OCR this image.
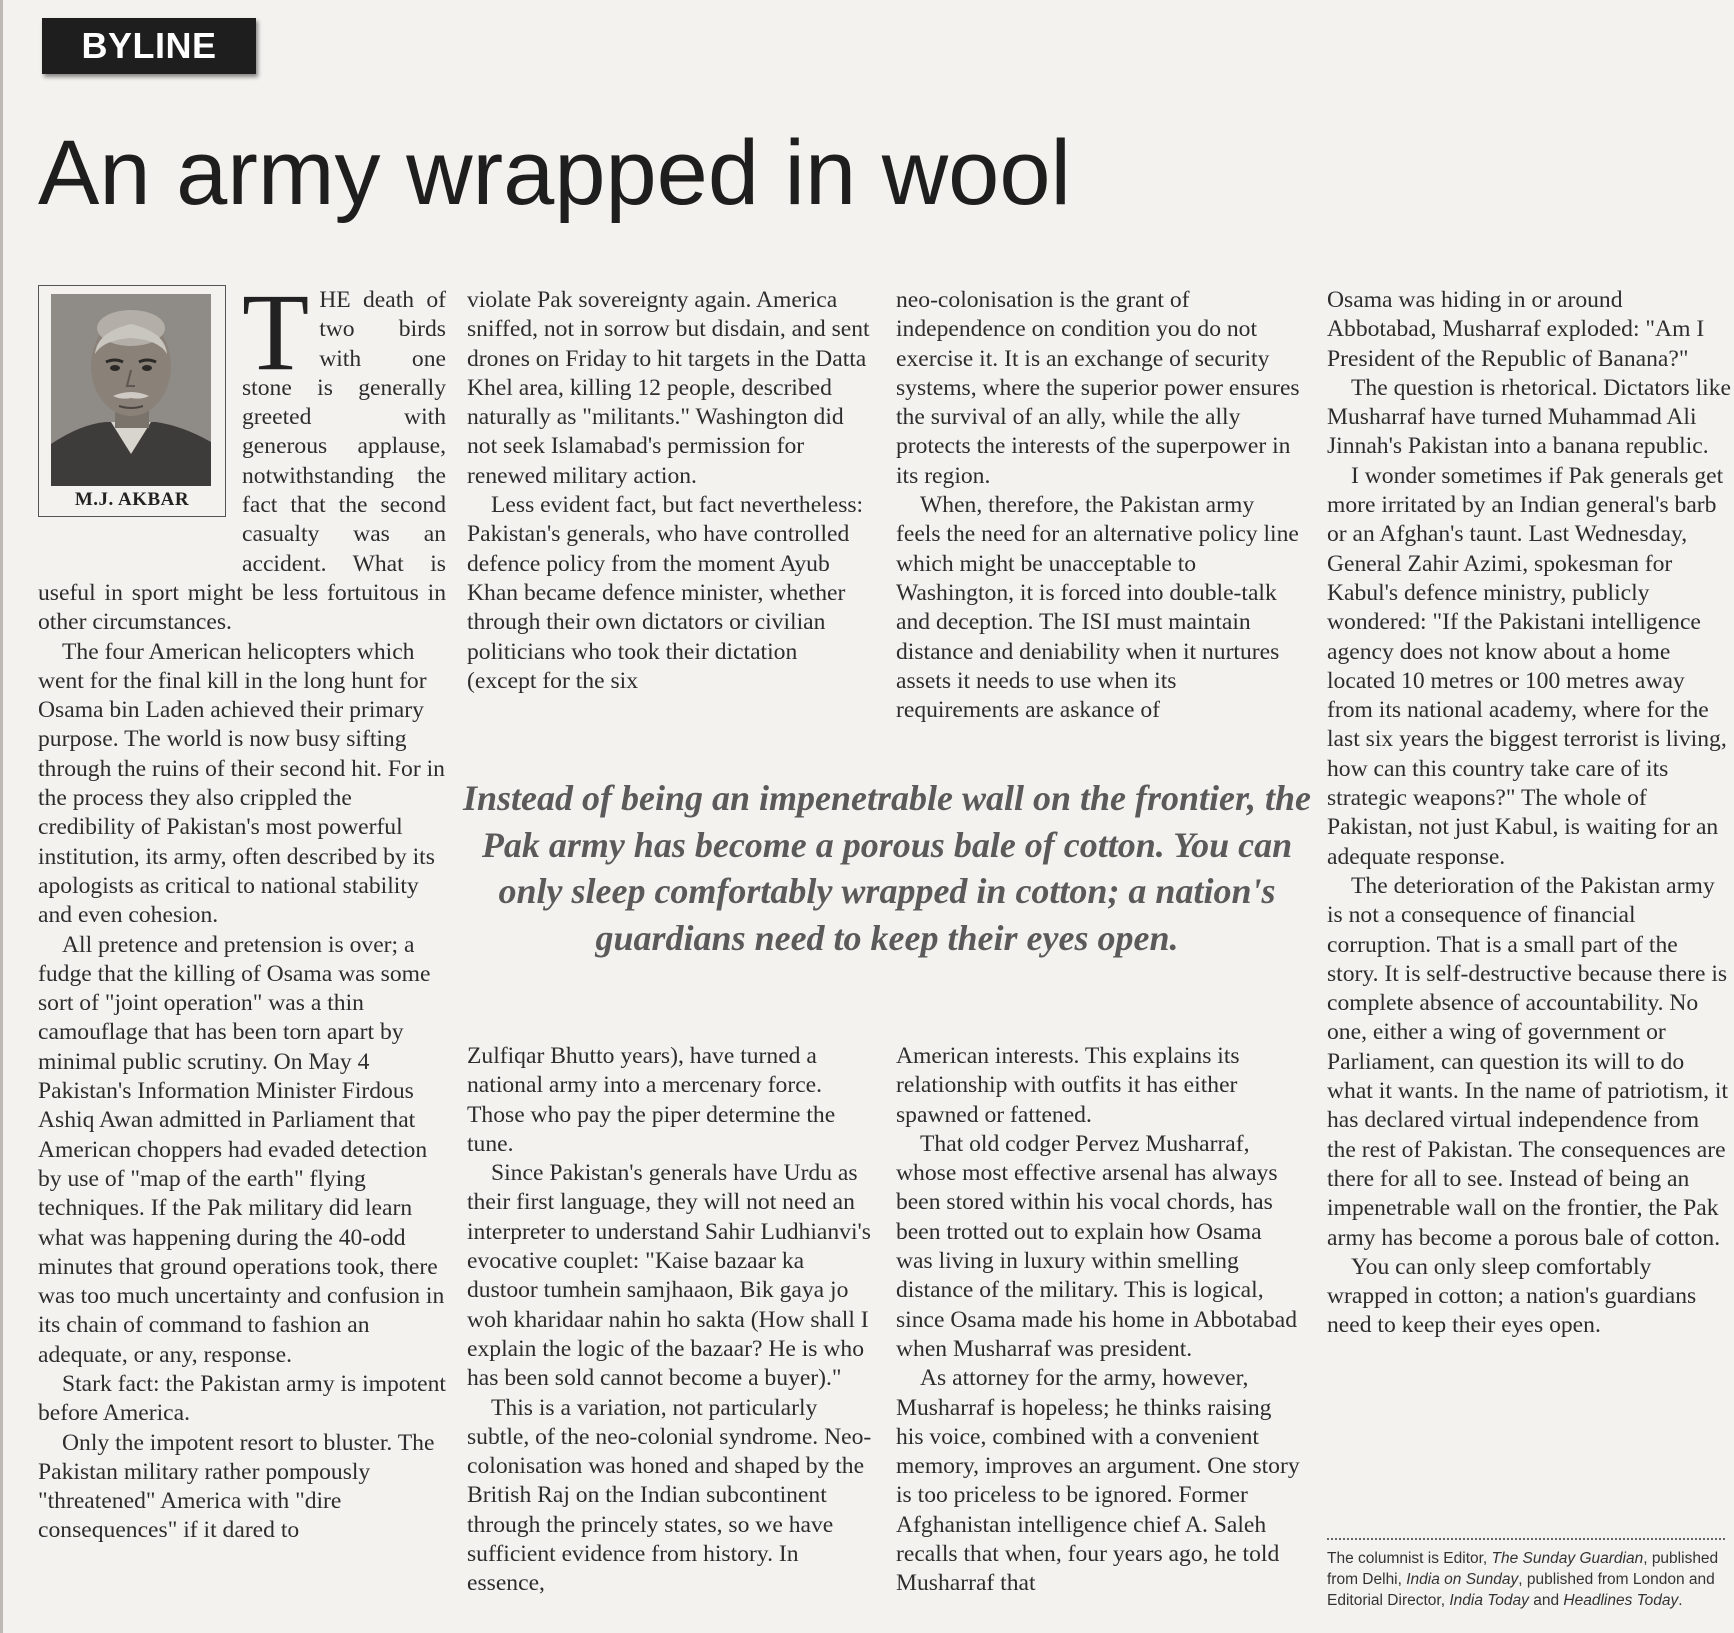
BYLINE
An army wrapped in wool
M.J. AKBAR

T HE death of two birds with one stone is generally greeted with generous applause, notwithstanding the fact that the second casualty was an accident. What is useful in sport might be less fortuitous in other circumstances.

The four American helicopters which went for the final kill in the long hunt for Osama bin Laden achieved their primary purpose. The world is now busy sifting through the ruins of their second hit. For in the process they also crippled the credibility of Pakistan's most powerful institution, its army, often described by its apologists as critical to national stability and even cohesion.

All pretence and pretension is over; a fudge that the killing of Osama was some sort of "joint operation" was a thin camouflage that has been torn apart by minimal public scrutiny. On May 4 Pakistan's Information Minister Firdous Ashiq Awan admitted in Parliament that American choppers had evaded detection by use of "map of the earth" flying techniques. If the Pak military did learn what was happening during the 40-odd minutes that ground operations took, there was too much uncertainty and confusion in its chain of command to fashion an adequate, or any, response.

Stark fact: the Pakistan army is impotent before America.

Only the impotent resort to bluster. The Pakistan military rather pompously "threatened" America with "dire consequences" if it dared to

violate Pak sovereignty again. America sniffed, not in sorrow but disdain, and sent drones on Friday to hit targets in the Datta Khel area, killing 12 people, described naturally as "militants." Washington did not seek Islamabad's permission for renewed military action.

Less evident fact, but fact nevertheless: Pakistan's generals, who have controlled defence policy from the moment Ayub Khan became defence minister, whether through their own dictators or civilian politicians who took their dictation (except for the six

neo-colonisation is the grant of independence on condition you do not exercise it. It is an exchange of security systems, where the superior power ensures the survival of an ally, while the ally protects the interests of the superpower in its region.

When, therefore, the Pakistan army feels the need for an alternative policy line which might be unacceptable to Washington, it is forced into double-talk and deception. The ISI must maintain distance and deniability when it nurtures assets it needs to use when its requirements are askance of

Instead of being an impenetrable wall on the frontier, the Pak army has become a porous bale of cotton. You can only sleep comfortably wrapped in cotton; a nation's guardians need to keep their eyes open.

Zulfiqar Bhutto years), have turned a national army into a mercenary force. Those who pay the piper determine the tune.

Since Pakistan's generals have Urdu as their first language, they will not need an interpreter to understand Sahir Ludhianvi's evocative couplet: "Kaise bazaar ka dustoor tumhein samjhaaon, Bik gaya jo woh kharidaar nahin ho sakta (How shall I explain the logic of the bazaar? He is who has been sold cannot become a buyer)."

This is a variation, not particularly subtle, of the neo-colonial syndrome. Neo-colonisation was honed and shaped by the British Raj on the Indian subcontinent through the princely states, so we have sufficient evidence from history. In essence,

American interests. This explains its relationship with outfits it has either spawned or fattened.

That old codger Pervez Musharraf, whose most effective arsenal has always been stored within his vocal chords, has been trotted out to explain how Osama was living in luxury within smelling distance of the military. This is logical, since Osama made his home in Abbotabad when Musharraf was president.

As attorney for the army, however, Musharraf is hopeless; he thinks raising his voice, combined with a convenient memory, improves an argument. One story is too priceless to be ignored. Former Afghanistan intelligence chief A. Saleh recalls that when, four years ago, he told Musharraf that

Osama was hiding in or around Abbotabad, Musharraf exploded: "Am I President of the Republic of Banana?"

The question is rhetorical. Dictators like Musharraf have turned Muhammad Ali Jinnah's Pakistan into a banana republic.

I wonder sometimes if Pak generals get more irritated by an Indian general's barb or an Afghan's taunt. Last Wednesday, General Zahir Azimi, spokesman for Kabul's defence ministry, publicly wondered: "If the Pakistani intelligence agency does not know about a home located 10 metres or 100 metres away from its national academy, where for the last six years the biggest terrorist is living, how can this country take care of its strategic weapons?" The whole of Pakistan, not just Kabul, is waiting for an adequate response.

The deterioration of the Pakistan army is not a consequence of financial corruption. That is a small part of the story. It is self-destructive because there is complete absence of accountability. No one, either a wing of government or Parliament, can question its will to do what it wants. In the name of patriotism, it has declared virtual independence from the rest of Pakistan. The consequences are there for all to see. Instead of being an impenetrable wall on the frontier, the Pak army has become a porous bale of cotton.

You can only sleep comfortably wrapped in cotton; a nation's guardians need to keep their eyes open.

The columnist is Editor, The Sunday Guardian, published from Delhi, India on Sunday, published from London and Editorial Director, India Today and Headlines Today.
